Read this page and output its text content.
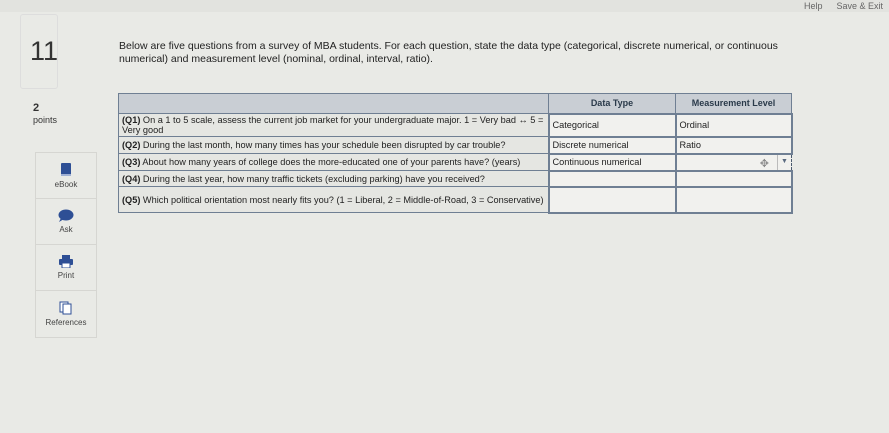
Help Save & Exit
11	Below are five questions from a survey of MBA students. For each question, state the data type (categorical, discrete numerical, or continuous numerical) and measurement level (nominal, ordinal, interval, ratio).
2
points
eBook
Ask
Print
References
	Data Type	Measurement Level
(Q1) On a 1 to 5 scale, assess the current job market for your undergraduate major. 1 = Very bad ↔ 5 = Very good	Categorical	Ordinal
(Q2) During the last month, how many times has your schedule been disrupted by car trouble?	Discrete numerical	Ratio
(Q3) About how many years of college does the more-educated one of your parents have? (years)	Continuous numerical	✥ ▼

(Q4) During the last year, how many traffic tickets (excluding parking) have you received?		
(Q5) Which political orientation most nearly fits you? (1 = Liberal, 2 = Middle-of-Road, 3 = Conservative)		
